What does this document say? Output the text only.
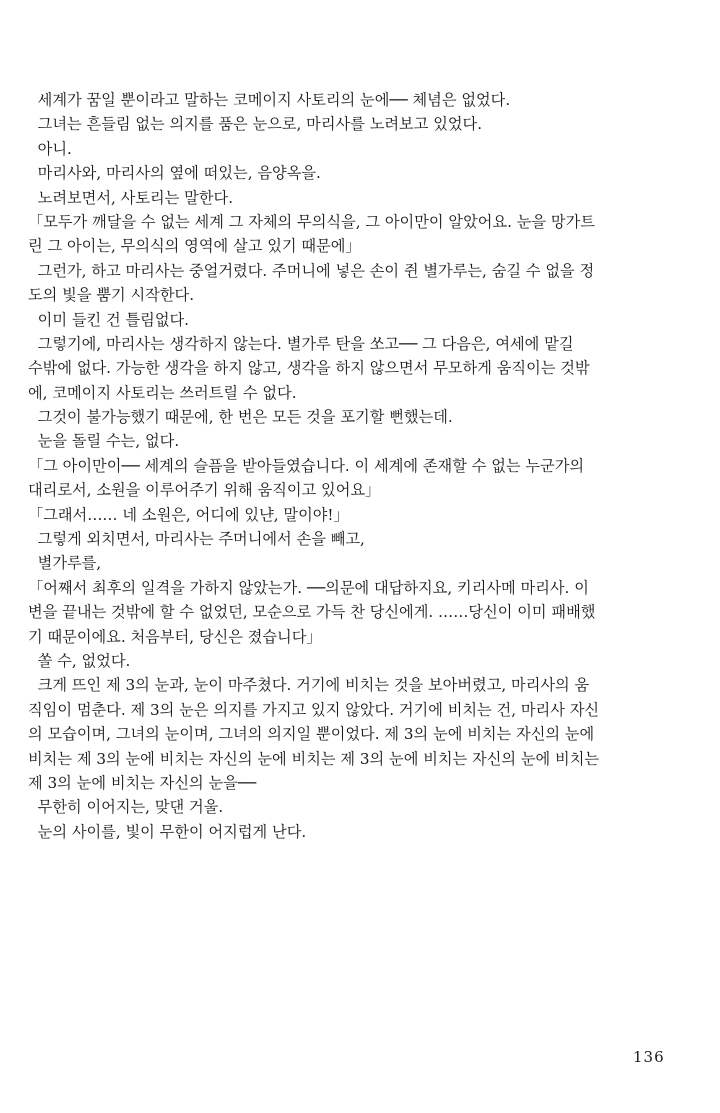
세계가 꿈일 뿐이라고 말하는 코메이지 사토리의 눈에── 체념은 없었다.
그녀는 흔들림 없는 의지를 품은 눈으로, 마리사를 노려보고 있었다.
아니.
마리사와, 마리사의 옆에 떠있는, 음양옥을.
노려보면서, 사토리는 말한다.
「모두가 깨달을 수 없는 세계 그 자체의 무의식을, 그 아이만이 알았어요. 눈을 망가트
린 그 아이는, 무의식의 영역에 살고 있기 때문에」
그런가, 하고 마리사는 중얼거렸다. 주머니에 넣은 손이 쥔 별가루는, 숨길 수 없을 정
도의 빛을 뿜기 시작한다.
이미 들킨 건 틀림없다.
그렇기에, 마리사는 생각하지 않는다. 별가루 탄을 쏘고── 그 다음은, 여세에 맡길
수밖에 없다. 가능한 생각을 하지 않고, 생각을 하지 않으면서 무모하게 움직이는 것밖
에, 코메이지 사토리는 쓰러트릴 수 없다.
그것이 불가능했기 때문에, 한 번은 모든 것을 포기할 뻔했는데.
눈을 돌릴 수는, 없다.
「그 아이만이── 세계의 슬픔을 받아들였습니다. 이 세계에 존재할 수 없는 누군가의
대리로서, 소원을 이루어주기 위해 움직이고 있어요」
「그래서…… 네 소원은, 어디에 있냔, 말이야!」
그렇게 외치면서, 마리사는 주머니에서 손을 빼고,
별가루를,
「어째서 최후의 일격을 가하지 않았는가. ──의문에 대답하지요, 키리사메 마리사. 이
변을 끝내는 것밖에 할 수 없었던, 모순으로 가득 찬 당신에게. ……당신이 이미 패배했
기 때문이에요. 처음부터, 당신은 졌습니다」
쏠 수, 없었다.
크게 뜨인 제 3의 눈과, 눈이 마주쳤다. 거기에 비치는 것을 보아버렸고, 마리사의 움
직임이 멈춘다. 제 3의 눈은 의지를 가지고 있지 않았다. 거기에 비치는 건, 마리사 자신
의 모습이며, 그녀의 눈이며, 그녀의 의지일 뿐이었다. 제 3의 눈에 비치는 자신의 눈에
비치는 제 3의 눈에 비치는 자신의 눈에 비치는 제 3의 눈에 비치는 자신의 눈에 비치는
제 3의 눈에 비치는 자신의 눈을──
무한히 이어지는, 맞댄 거울.
눈의 사이를, 빛이 무한이 어지럽게 난다.
136
